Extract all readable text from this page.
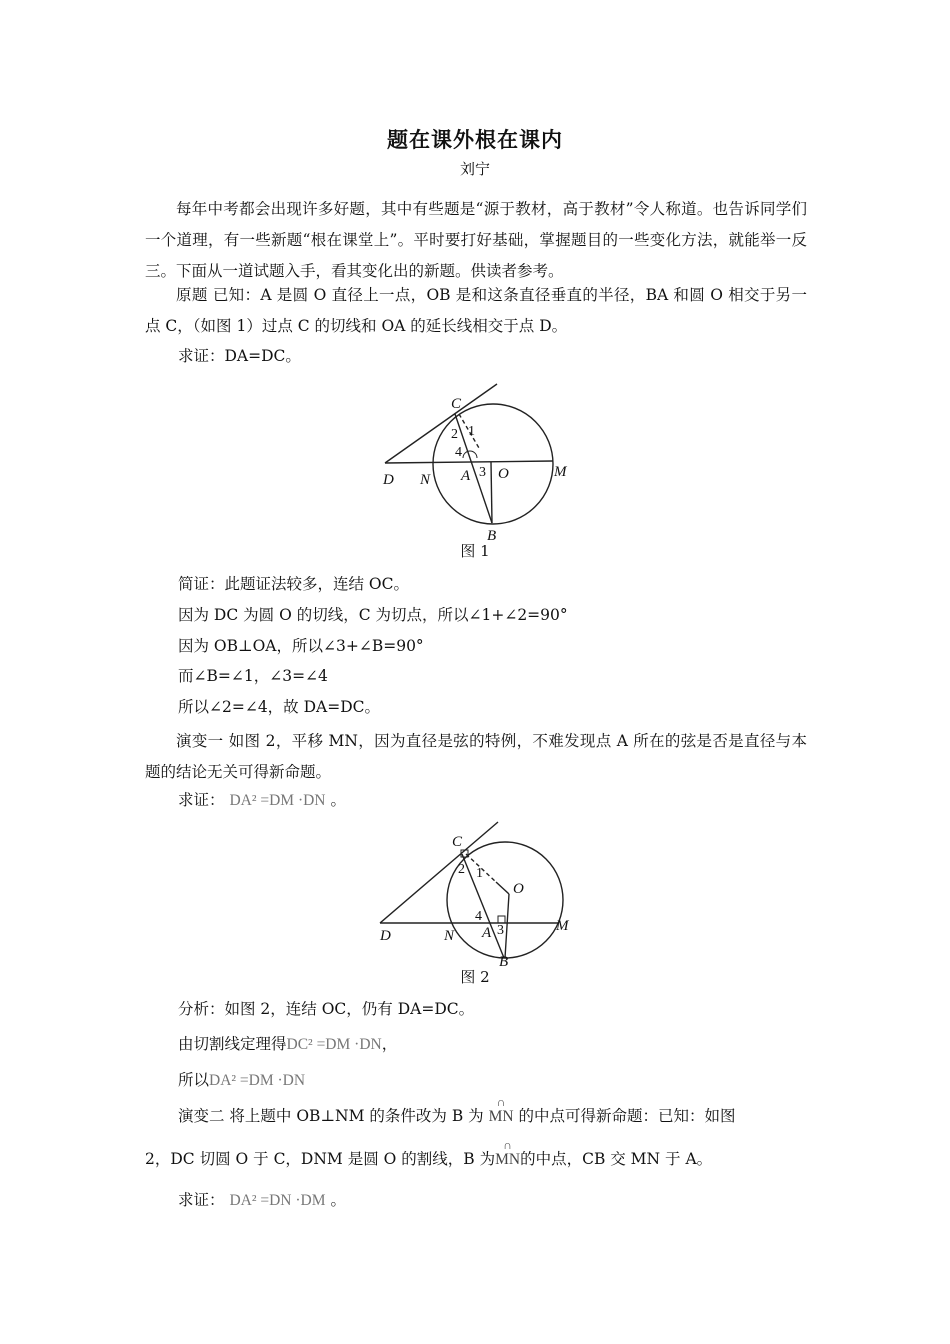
题在课外根在课内
刘宁
每年中考都会出现许多好题，其中有些题是“源于教材，高于教材”令人称道。也告诉同学们一个道理，有一些新题“根在课堂上”。平时要打好基础，掌握题目的一些变化方法，就能举一反三。下面从一道试题入手，看其变化出的新题。供读者参考。
原题 已知：A 是圆 O 直径上一点，OB 是和这条直径垂直的半径，BA 和圆 O 相交于另一点 C，（如图 1）过点 C 的切线和 OA 的延长线相交于点 D。
求证：DA=DC。
C
D N A O	M
B
1
2
3
4
图 1
简证：此题证法较多，连结 OC。
因为 DC 为圆 O 的切线，C 为切点，所以∠1+∠2=90°
因为 OB⊥OA，所以∠3+∠B=90°
而∠B=∠1，∠3=∠4
所以∠2=∠4，故 DA=DC。
演变一 如图 2，平移 MN，因为直径是弦的特例，不难发现点 A 所在的弦是否是直径与本题的结论无关可得新命题。
求证： DA² =DM ·DN 。
C
D	N A
O
M
B
1
2
3
4
图 2
分析：如图 2，连结 OC，仍有 DA=DC。
由切割线定理得DC² =DM ·DN，
所以DA² =DM ·DN
演变二 将上题中 OB⊥NM 的条件改为 B 为
∩
MN 的中点可得新命题：已知：如图
2，DC 切圆 O 于 C，DNM 是圆 O 的割线，B 为
∩
MN的中点，CB 交 MN 于 A。
求证： DA² =DN ·DM 。
